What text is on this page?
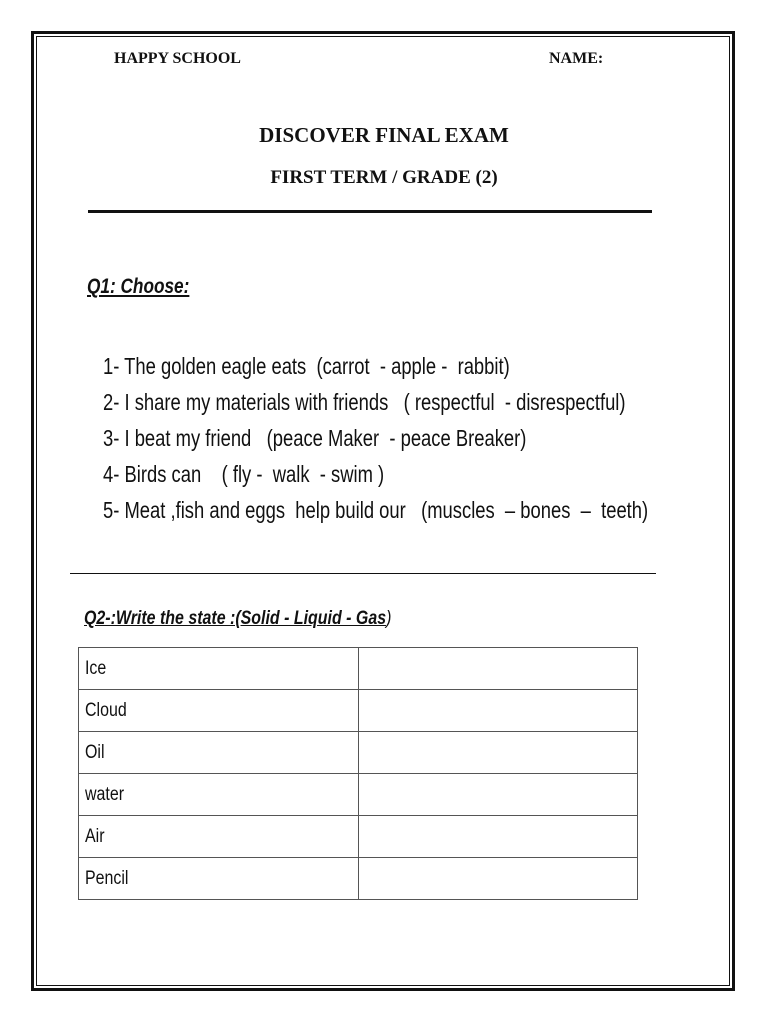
HAPPY SCHOOL	NAME:
DISCOVER FINAL EXAM
FIRST TERM / GRADE (2)
Q1: Choose:
1- The golden eagle eats  (carrot  - apple -  rabbit)
2- I share my materials with friends   ( respectful  - disrespectful)
3- I beat my friend   (peace Maker  - peace Breaker)
4- Birds can    ( fly -  walk  - swim )
5- Meat ,fish and eggs  help build our   (muscles  – bones  –  teeth)
Q2-:Write the state :(Solid - Liquid - Gas)
Ice	
Cloud	
Oil	
water	
Air	
Pencil	
